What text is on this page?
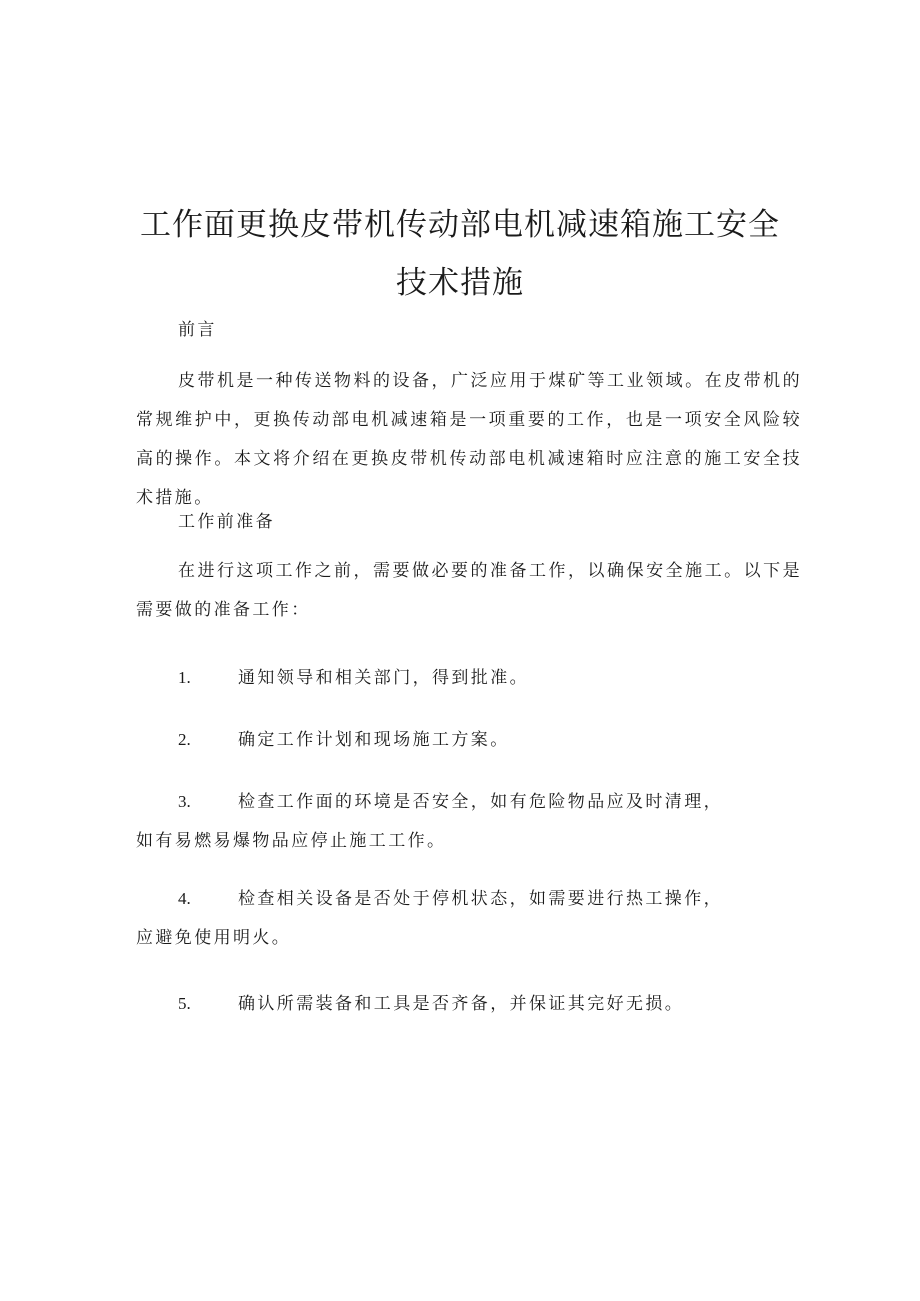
工作面更换皮带机传动部电机减速箱施工安全
技术措施

前言

皮带机是一种传送物料的设备，广泛应用于煤矿等工业领域。在皮带机的常规维护中，更换传动部电机减速箱是一项重要的工作，也是一项安全风险较高的操作。本文将介绍在更换皮带机传动部电机减速箱时应注意的施工安全技术措施。

工作前准备

在进行这项工作之前，需要做必要的准备工作，以确保安全施工。以下是需要做的准备工作：

1.	通知领导和相关部门，得到批准。
2.	确定工作计划和现场施工方案。
3.	检查工作面的环境是否安全，如有危险物品应及时清理，
如有易燃易爆物品应停止施工工作。
4.	检查相关设备是否处于停机状态，如需要进行热工操作，
应避免使用明火。
5.	确认所需装备和工具是否齐备，并保证其完好无损。
